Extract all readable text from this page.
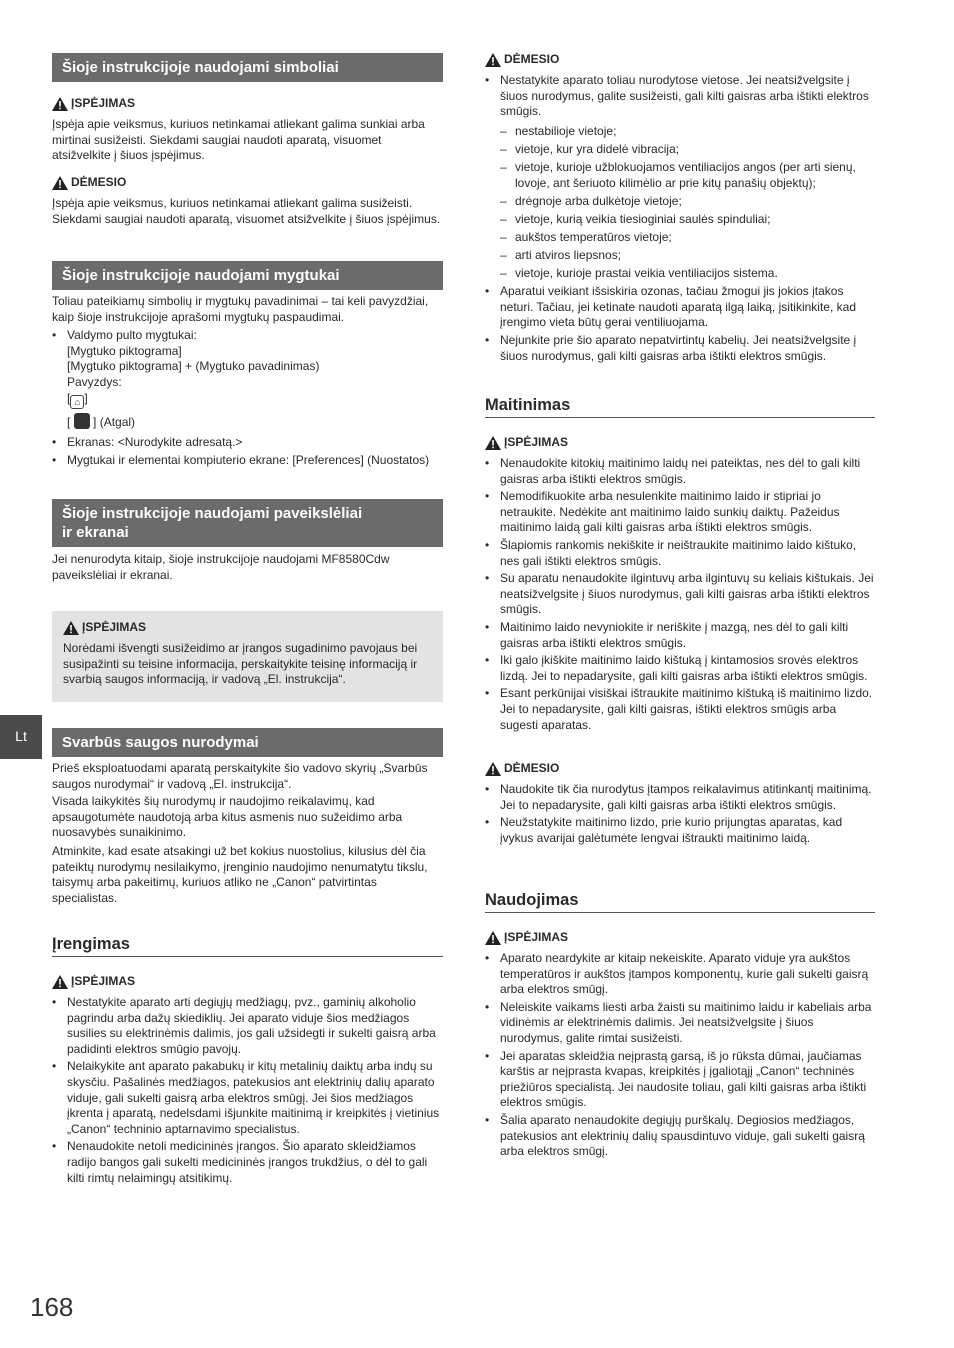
Šioje instrukcijoje naudojami simboliai
ĮSPĖJIMAS
Įspėja apie veiksmus, kuriuos netinkamai atliekant galima sunkiai arba mirtinai susižeisti. Siekdami saugiai naudoti aparatą, visuomet atsižvelkite į šiuos įspėjimus.
DĖMESIO
Įspėja apie veiksmus, kuriuos netinkamai atliekant galima susižeisti. Siekdami saugiai naudoti aparatą, visuomet atsižvelkite į šiuos įspėjimus.
Šioje instrukcijoje naudojami mygtukai
Toliau pateikiamų simbolių ir mygtukų pavadinimai – tai keli pavyzdžiai, kaip šioje instrukcijoje aprašomi mygtukų paspaudimai.
• Valdymo pulto mygtukai:
[Mygtuko piktograma]
[Mygtuko piktograma] + (Mygtuko pavadinimas)
Pavyzdys:
[ ⌂ ]
[ ] (Atgal)
• Ekranas: <Nurodykite adresatą.>
• Mygtukai ir elementai kompiuterio ekrane: [Preferences] (Nuostatos)
Šioje instrukcijoje naudojami paveikslėliai
ir ekranai
Jei nenurodyta kitaip, šioje instrukcijoje naudojami MF8580Cdw paveikslėliai ir ekranai.
ĮSPĖJIMAS
Norėdami išvengti susižeidimo ar įrangos sugadinimo pavojaus bei susipažinti su teisine informacija, perskaitykite teisinę informaciją ir svarbią saugos informaciją, ir vadovą „El. instrukcija“.
Lt	Svarbūs saugos nurodymai
Prieš eksploatuodami aparatą perskaitykite šio vadovo skyrių „Svarbūs saugos nurodymai“ ir vadovą „El. instrukcija“.
Visada laikykitės šių nurodymų ir naudojimo reikalavimų, kad apsaugotumėte naudotoją arba kitus asmenis nuo sužeidimo arba nuosavybės sunaikinimo.
Atminkite, kad esate atsakingi už bet kokius nuostolius, kilusius dėl čia pateiktų nurodymų nesilaikymo, įrenginio naudojimo nenumatytu tikslu, taisymų arba pakeitimų, kuriuos atliko ne „Canon“ patvirtintas specialistas.
Įrengimas
ĮSPĖJIMAS
• Nestatykite aparato arti degiųjų medžiagų, pvz., gaminių alkoholio pagrindu arba dažų skiediklių. Jei aparato viduje šios medžiagos susilies su elektrinėmis dalimis, jos gali užsidegti ir sukelti gaisrą arba padidinti elektros smūgio pavojų.
• Nelaikykite ant aparato pakabukų ir kitų metalinių daiktų arba indų su skysčiu. Pašalinės medžiagos, patekusios ant elektrinių dalių aparato viduje, gali sukelti gaisrą arba elektros smūgį. Jei šios medžiagos įkrenta į aparatą, nedelsdami išjunkite maitinimą ir kreipkitės į vietinius „Canon“ techninio aptarnavimo specialistus.
• Nenaudokite netoli medicininės įrangos. Šio aparato skleidžiamos radijo bangos gali sukelti medicininės įrangos trukdžius, o dėl to gali kilti rimtų nelaimingų atsitikimų.
DĖMESIO
• Nestatykite aparato toliau nurodytose vietose. Jei neatsižvelgsite į šiuos nurodymus, galite susižeisti, gali kilti gaisras arba ištikti elektros smūgis.
– nestabilioje vietoje;
– vietoje, kur yra didelė vibracija;
– vietoje, kurioje užblokuojamos ventiliacijos angos (per arti sienų, lovoje, ant šeriuoto kilimėlio ar prie kitų panašių objektų);
– drėgnoje arba dulkėtoje vietoje;
– vietoje, kurią veikia tiesioginiai saulės spinduliai;
– aukštos temperatūros vietoje;
– arti atviros liepsnos;
– vietoje, kurioje prastai veikia ventiliacijos sistema.
• Aparatui veikiant išsiskiria ozonas, tačiau žmogui jis jokios įtakos neturi. Tačiau, jei ketinate naudoti aparatą ilgą laiką, įsitikinkite, kad įrengimo vieta būtų gerai ventiliuojama.
• Nejunkite prie šio aparato nepatvirtintų kabelių. Jei neatsižvelgsite į šiuos nurodymus, gali kilti gaisras arba ištikti elektros smūgis.
Maitinimas
ĮSPĖJIMAS
• Nenaudokite kitokių maitinimo laidų nei pateiktas, nes dėl to gali kilti gaisras arba ištikti elektros smūgis.
• Nemodifikuokite arba nesulenkite maitinimo laido ir stipriai jo netraukite. Nedėkite ant maitinimo laido sunkių daiktų. Pažeidus maitinimo laidą gali kilti gaisras arba ištikti elektros smūgis.
• Šlapiomis rankomis nekiškite ir neištraukite maitinimo laido kištuko, nes gali ištikti elektros smūgis.
• Su aparatu nenaudokite ilgintuvų arba ilgintuvų su keliais kištukais. Jei neatsižvelgsite į šiuos nurodymus, gali kilti gaisras arba ištikti elektros smūgis.
• Maitinimo laido nevyniokite ir neriškite į mazgą, nes dėl to gali kilti gaisras arba ištikti elektros smūgis.
• Iki galo įkiškite maitinimo laido kištuką į kintamosios srovės elektros lizdą. Jei to nepadarysite, gali kilti gaisras arba ištikti elektros smūgis.
• Esant perkūnijai visiškai ištraukite maitinimo kištuką iš maitinimo lizdo. Jei to nepadarysite, gali kilti gaisras, ištikti elektros smūgis arba sugesti aparatas.
DĖMESIO
• Naudokite tik čia nurodytus įtampos reikalavimus atitinkantį maitinimą. Jei to nepadarysite, gali kilti gaisras arba ištikti elektros smūgis.
• Neužstatykite maitinimo lizdo, prie kurio prijungtas aparatas, kad įvykus avarijai galėtumėte lengvai ištraukti maitinimo laidą.
Naudojimas
ĮSPĖJIMAS
• Aparato neardykite ar kitaip nekeiskite. Aparato viduje yra aukštos temperatūros ir aukštos įtampos komponentų, kurie gali sukelti gaisrą arba elektros smūgį.
• Neleiskite vaikams liesti arba žaisti su maitinimo laidu ir kabeliais arba vidinėmis ar elektrinėmis dalimis. Jei neatsižvelgsite į šiuos nurodymus, galite rimtai susižeisti.
• Jei aparatas skleidžia neįprastą garsą, iš jo rūksta dūmai, jaučiamas karštis ar neįprasta kvapas, kreipkitės į įgaliotąjį „Canon“ techninės priežiūros specialistą. Jei naudosite toliau, gali kilti gaisras arba ištikti elektros smūgis.
• Šalia aparato nenaudokite degiųjų purškalų. Degiosios medžiagos, patekusios ant elektrinių dalių spausdintuvo viduje, gali sukelti gaisrą arba elektros smūgį.
168
